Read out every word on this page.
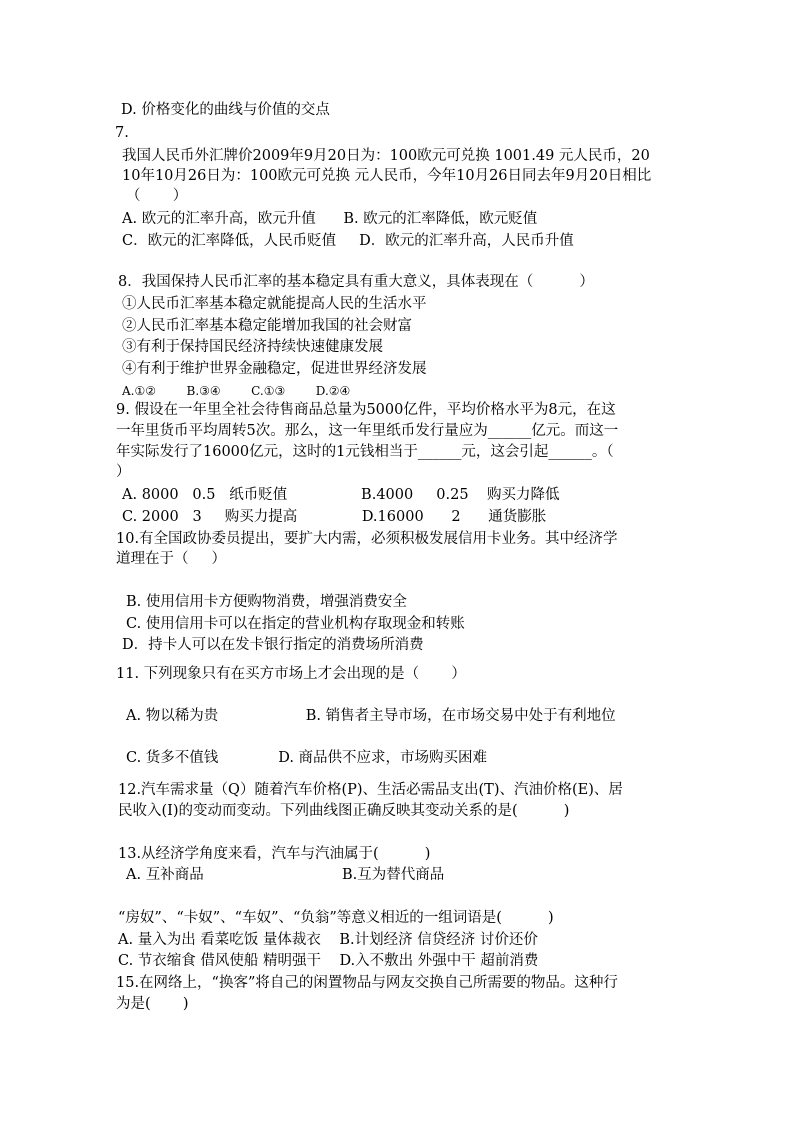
D. 价格变化的曲线与价值的交点
7.
我国人民币外汇牌价2009年9月20日为：100欧元可兑换 1001.49 元人民币，20
10年10月26日为：100欧元可兑换 元人民币，今年10月26日同去年9月20日相比
（       ）
A. 欧元的汇率升高，欧元升值      B. 欧元的汇率降低，欧元贬值
C．欧元的汇率降低，人民币贬值     D．欧元的汇率升高，人民币升值
8．我国保持人民币汇率的基本稳定具有重大意义，具体表现在（          ）
①人民币汇率基本稳定就能提高人民的生活水平
②人民币汇率基本稳定能增加我国的社会财富
③有利于保持国民经济持续快速健康发展
④有利于维护世界金融稳定，促进世界经济发展
A.①②        B.③④        C.①③        D.②④
9. 假设在一年里全社会待售商品总量为5000亿件，平均价格水平为8元，在这
一年里货币平均周转5次。那么，这一年里纸币发行量应为______亿元。而这一
年实际发行了16000亿元，这时的1元钱相当于______元，这会引起______。（
）
A. 8000   0.5   纸币贬值                B.4000     0.25    购买力降低
C. 2000   3     购买力提高              D.16000      2      通货膨胀
10.有全国政协委员提出，要扩大内需，必须积极发展信用卡业务。其中经济学
道理在于（     ）
B. 使用信用卡方便购物消费，增强消费安全
C. 使用信用卡可以在指定的营业机构存取现金和转账
D．持卡人可以在发卡银行指定的消费场所消费
11. 下列现象只有在买方市场上才会出现的是（       ）
A. 物以稀为贵                   B. 销售者主导市场，在市场交易中处于有利地位
C. 货多不值钱             D. 商品供不应求，市场购买困难
12.汽车需求量（Q）随着汽车价格(P)、生活必需品支出(T)、汽油价格(E)、居
民收入(I)的变动而变动。下列曲线图正确反映其变动关系的是(          )
13.从经济学角度来看，汽车与汽油属于(          )
A. 互补商品                              B.互为替代商品
“房奴”、“卡奴”、“车奴”、“负翁”等意义相近的一组词语是(          )
A. 量入为出 看菜吃饭 量体裁衣    B.计划经济 信贷经济 讨价还价
C. 节衣缩食 借风使船 精明强干    D.入不敷出 外强中干 超前消费
15.在网络上，“换客”将自己的闲置物品与网友交换自己所需要的物品。这种行
为是(       )
